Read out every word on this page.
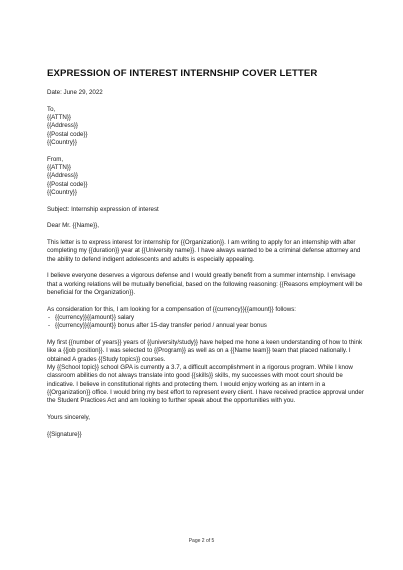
EXPRESSION OF INTEREST INTERNSHIP COVER LETTER
Date: June 29, 2022
To,
{{ATTN}}
{{Address}}
{{Postal code}}
{{Country}}
From,
{{ATTN}}
{{Address}}
{{Postal code}}
{{Country}}
Subject: Internship expression of interest
Dear Mr. {{Name}},
This letter is to express interest for internship for {{Organization}}. I am writing to apply for an internship with after completing my {{duration}} year at {{University name}}. I have always wanted to be a criminal defense attorney and the ability to defend indigent adolescents and adults is especially appealing.
I believe everyone deserves a vigorous defense and I would greatly benefit from a summer internship. I envisage that a working relations will be mutually beneficial, based on the following reasoning: {{Reasons employment will be beneficial for the Organization}}.
As consideration for this, I am looking for a compensation of {{currency}}{{amount}} follows:
- {{currency}}{{amount}} salary
- {{currency}}{{amount}} bonus after 15-day transfer period / annual year bonus
My first {{number of years}} years of {{university/study}} have helped me hone a keen understanding of how to think like a {{job position}}. I was selected to {{Program}} as well as on a {{Name team}} team that placed nationally. I obtained A grades {{Study topics}} courses.
My {{School topic}} school GPA is currently a 3.7, a difficult accomplishment in a rigorous program. While I know classroom abilities do not always translate into good {{skills}} skills, my successes with moot court should be indicative. I believe in constitutional rights and protecting them. I would enjoy working as an intern in a {{Organization}} office. I would bring my best effort to represent every client. I have received practice approval under the Student Practices Act and am looking to further speak about the opportunities with you.
Yours sincerely,
{{Signature}}
Page 2 of 5
